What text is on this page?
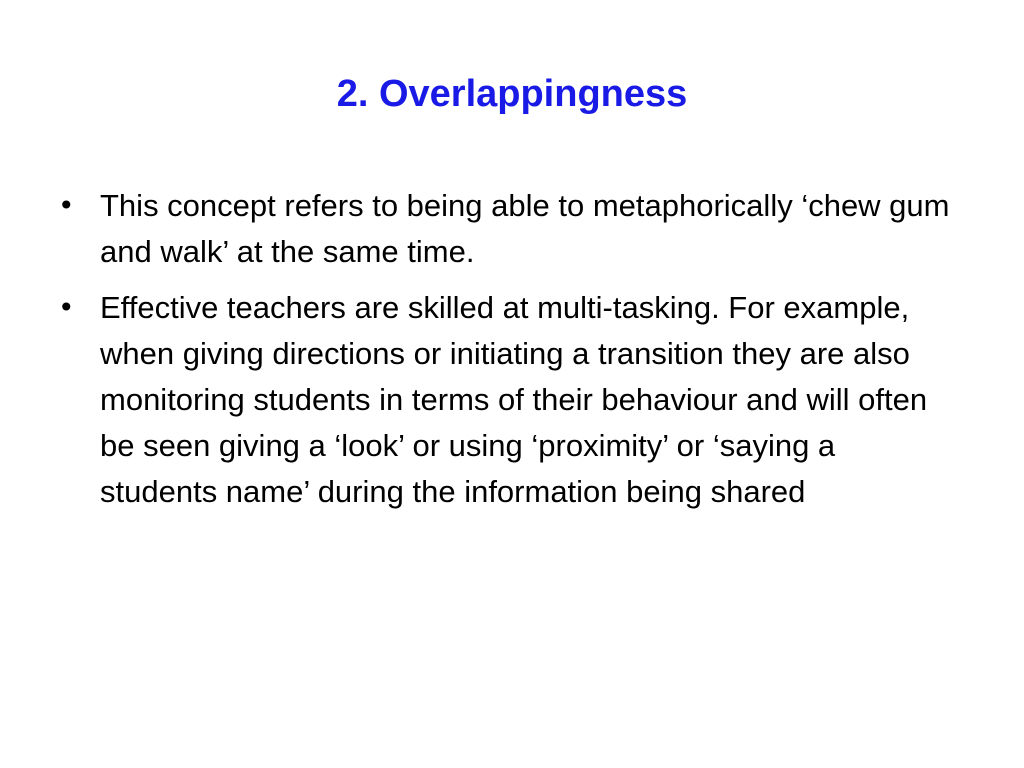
2. Overlappingness
• This concept refers to being able to metaphorically ‘chew gum and walk’ at the same time.
• Effective teachers are skilled at multi-tasking. For example, when giving directions or initiating a transition they are also monitoring students in terms of their behaviour and will often be seen giving a ‘look’ or using ‘proximity’ or ‘saying a students name’ during the information being shared
